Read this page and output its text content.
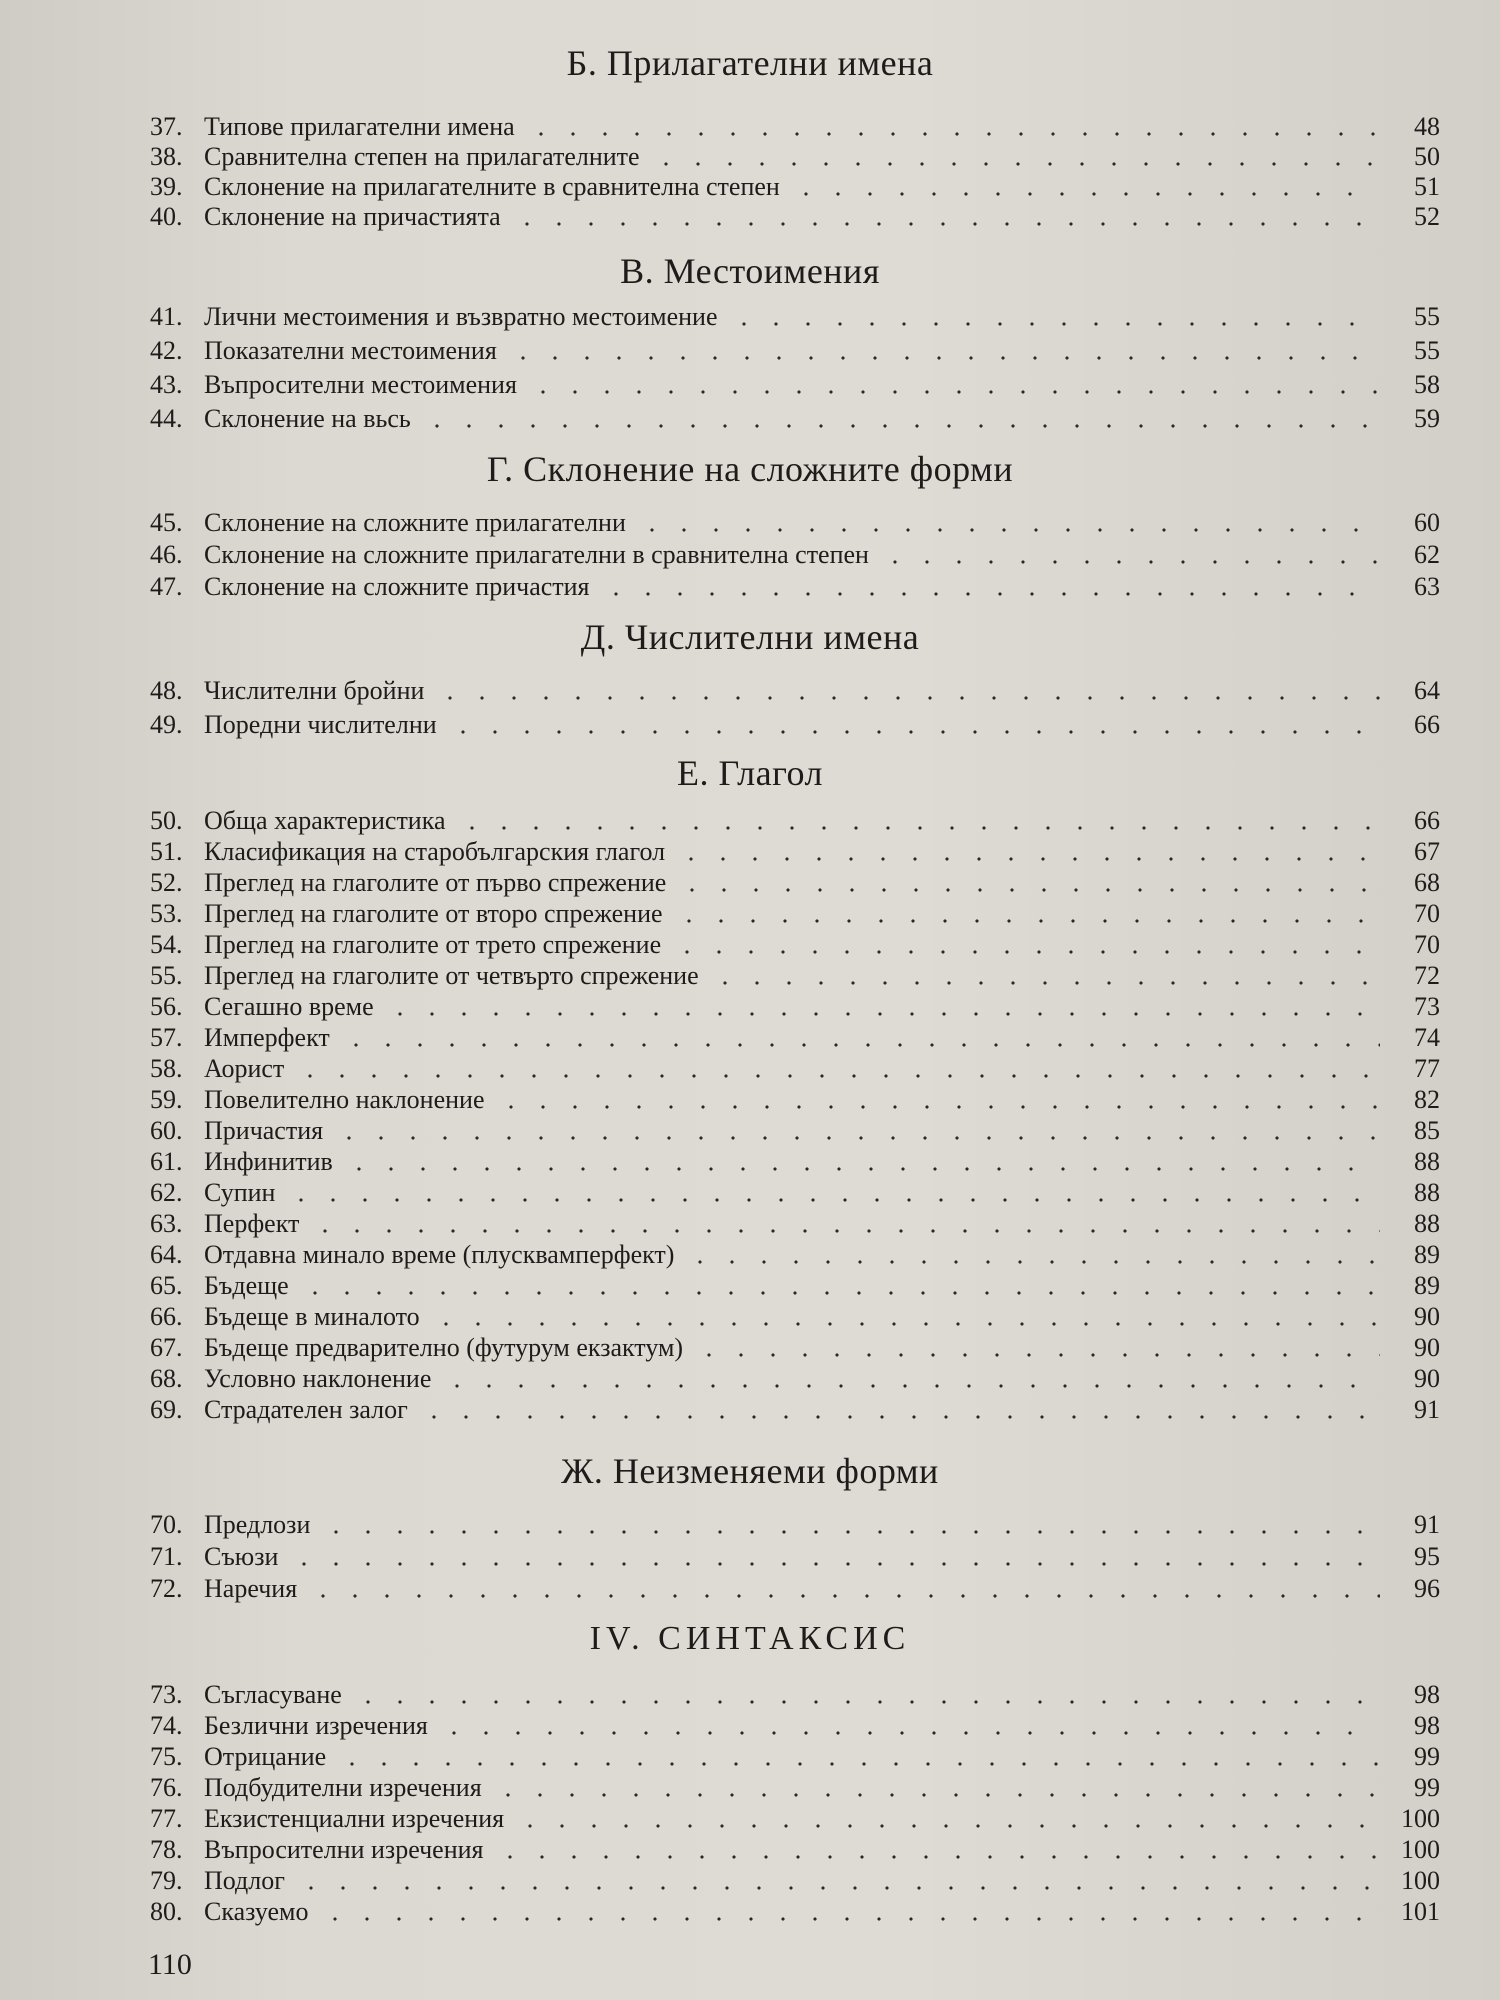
Б. Прилагателни имена
37. Типове прилагателни имена	48
38. Сравнителна степен на прилагателните	50
39. Склонение на прилагателните в сравнителна степен	51
40. Склонение на причастията	52
В. Местоимения
41. Лични местоимения и възвратно местоимение	55
42. Показателни местоимения	55
43. Въпросителни местоимения	58
44. Склонение на вьсь	59
Г. Склонение на сложните форми
45. Склонение на сложните прилагателни	60
46. Склонение на сложните прилагателни в сравнителна степен	62
47. Склонение на сложните причастия	63
Д. Числителни имена
48. Числителни бройни	64
49. Поредни числителни	66
Е. Глагол
50. Обща характеристика	66
51. Класификация на старобългарския глагол	67
52. Преглед на глаголите от първо спрежение	68
53. Преглед на глаголите от второ спрежение	70
54. Преглед на глаголите от трето спрежение	70
55. Преглед на глаголите от четвърто спрежение	72
56. Сегашно време	73
57. Имперфект	74
58. Аорист	77
59. Повелително наклонение	82
60. Причастия	85
61. Инфинитив	88
62. Супин	88
63. Перфект	88
64. Отдавна минало време (плусквамперфект)	89
65. Бъдеще	89
66. Бъдеще в миналото	90
67. Бъдеще предварително (футурум екзактум)	90
68. Условно наклонение	90
69. Страдателен залог	91
Ж. Неизменяеми форми
70. Предлози	91
71. Съюзи	95
72. Наречия	96
IV. СИНТАКСИС
73. Съгласуване	98
74. Безлични изречения	98
75. Отрицание	99
76. Подбудителни изречения	99
77. Екзистенциални изречения	100
78. Въпросителни изречения	100
79. Подлог	100
80. Сказуемо	101
110
